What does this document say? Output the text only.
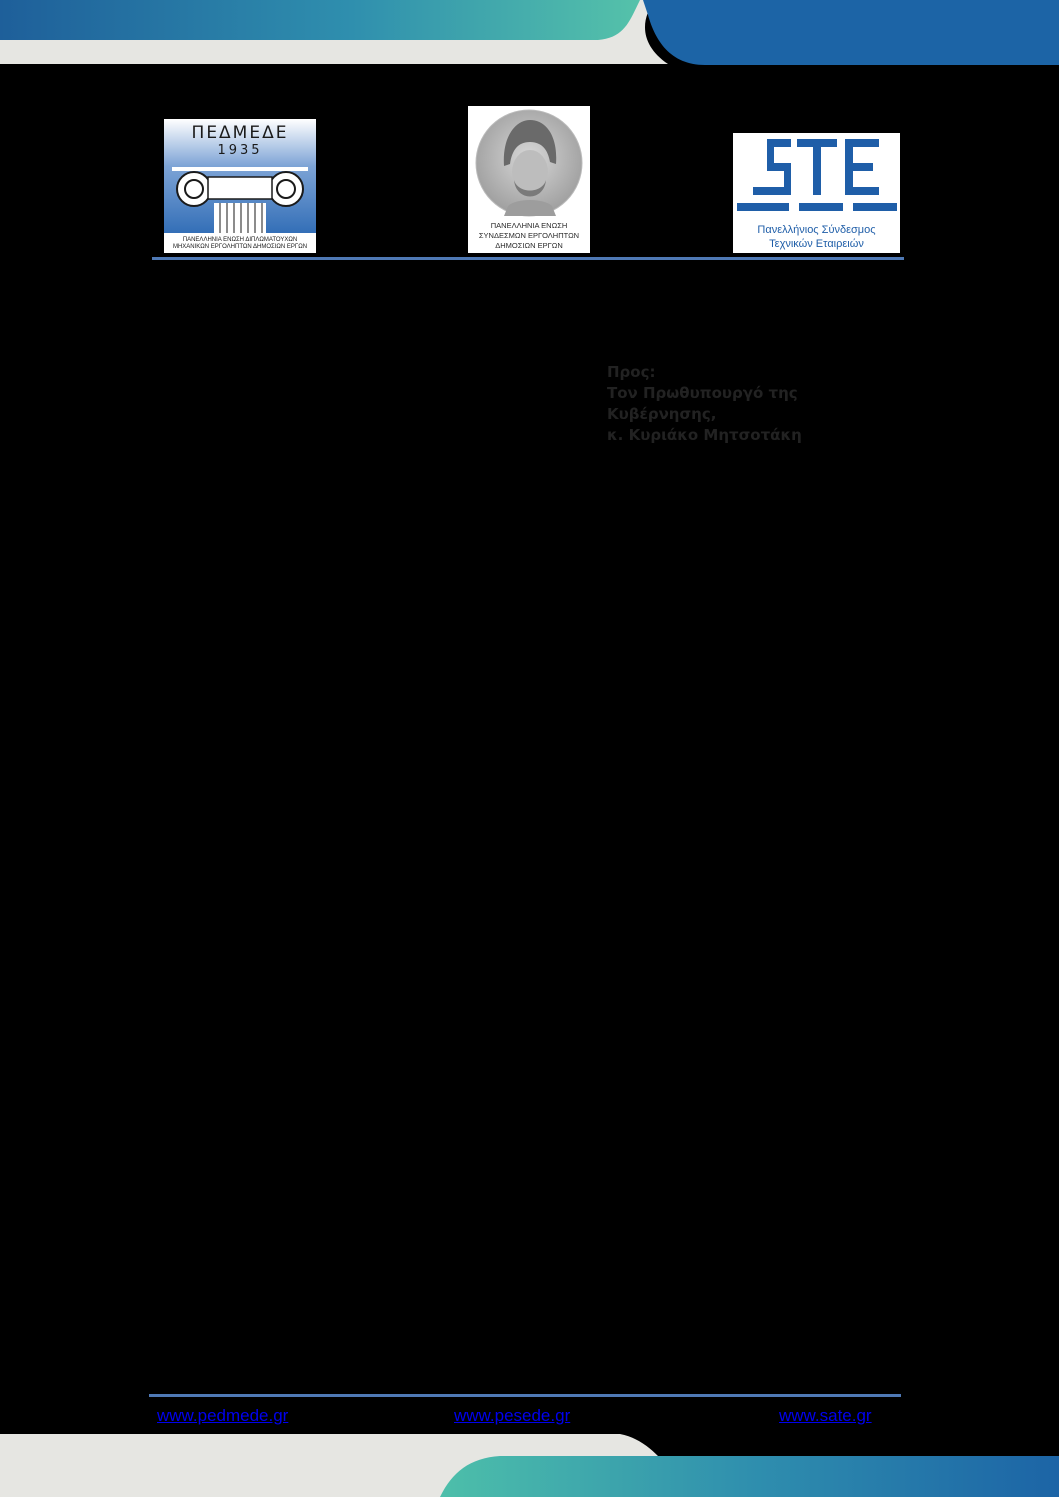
ΠΕΔΜΕΔΕ
1935
ΠΑΝΕΛΛΗΝΙΑ ΕΝΩΣΗ ΔΙΠΛΩΜΑΤΟΥΧΩΝ
ΜΗΧΑΝΙΚΩΝ ΕΡΓΟΛΗΠΤΩΝ ΔΗΜΟΣΙΩΝ ΕΡΓΩΝ
ΠΑΝΕΛΛΗΝΙΑ ΕΝΩΣΗ
ΣΥΝΔΕΣΜΩΝ ΕΡΓΟΛΗΠΤΩΝ
ΔΗΜΟΣΙΩΝ ΕΡΓΩΝ
Πανελλήνιος Σύνδεσμος
Τεχνικών Εταιρειών
Προς:
Τον Πρωθυπουργό της
Κυβέρνησης,
κ. Κυριάκο Μητσοτάκη
www.pedmede.gr	www.pesede.gr	www.sate.gr
